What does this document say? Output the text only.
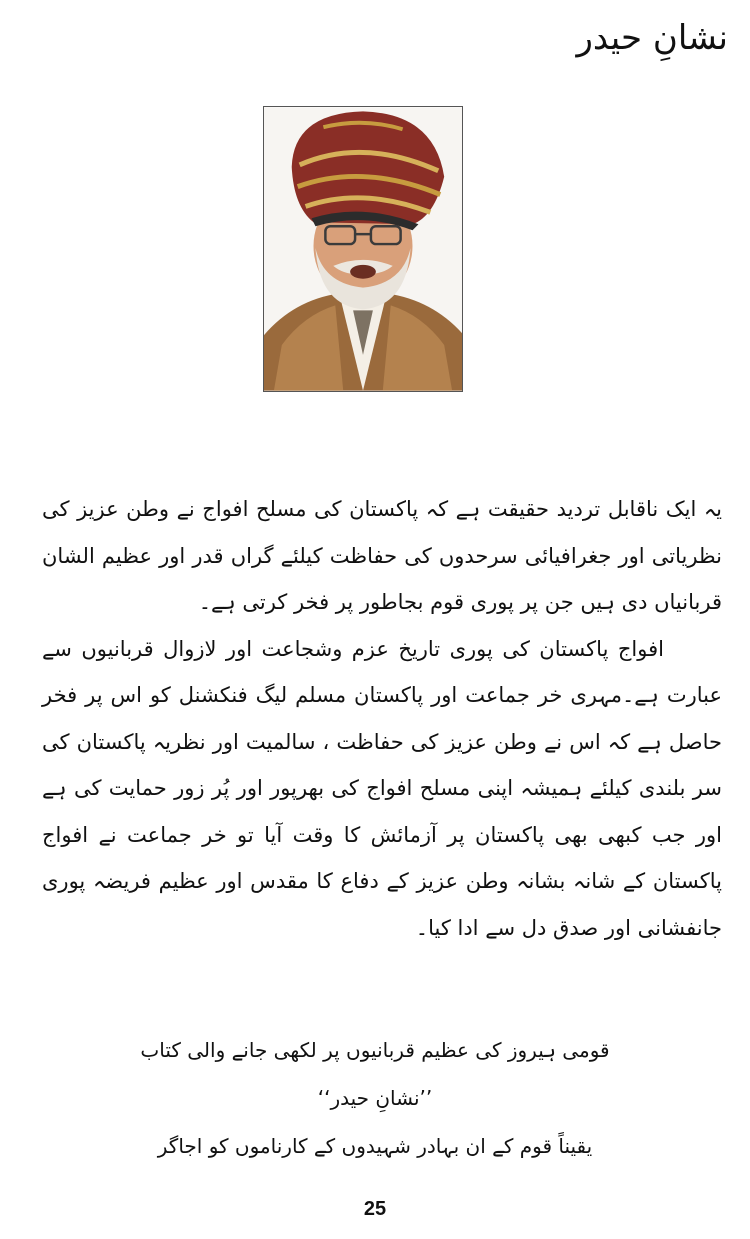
نشانِ حیدر

یہ ایک ناقابل تردید حقیقت ہے کہ پاکستان کی مسلح افواج نے وطن عزیز کی نظریاتی اور جغرافیائی سرحدوں کی حفاظت کیلئے گراں قدر اور عظیم الشان قربانیاں دی ہیں جن پر پوری قوم بجاطور پر فخر کرتی ہے۔

افواج پاکستان کی پوری تاریخ عزم وشجاعت اور لازوال قربانیوں سے عبارت ہے۔مہری خر جماعت اور پاکستان مسلم لیگ فنکشنل کو اس پر فخر حاصل ہے کہ اس نے وطن عزیز کی حفاظت ، سالمیت اور نظریہ پاکستان کی سر بلندی کیلئے ہمیشہ اپنی مسلح افواج کی بھرپور اور پُر زور حمایت کی ہے اور جب کبھی بھی پاکستان پر آزمائش کا وقت آیا تو خر جماعت نے افواج پاکستان کے شانہ بشانہ وطن عزیز کے دفاع کا مقدس اور عظیم فریضہ پوری جانفشانی اور صدق دل سے ادا کیا۔

قومی ہیروز کی عظیم قربانیوں پر لکھی جانے والی کتاب
’’نشانِ حیدر‘‘
یقیناً قوم کے ان بہادر شہیدوں کے کارناموں کو اجاگر
25
